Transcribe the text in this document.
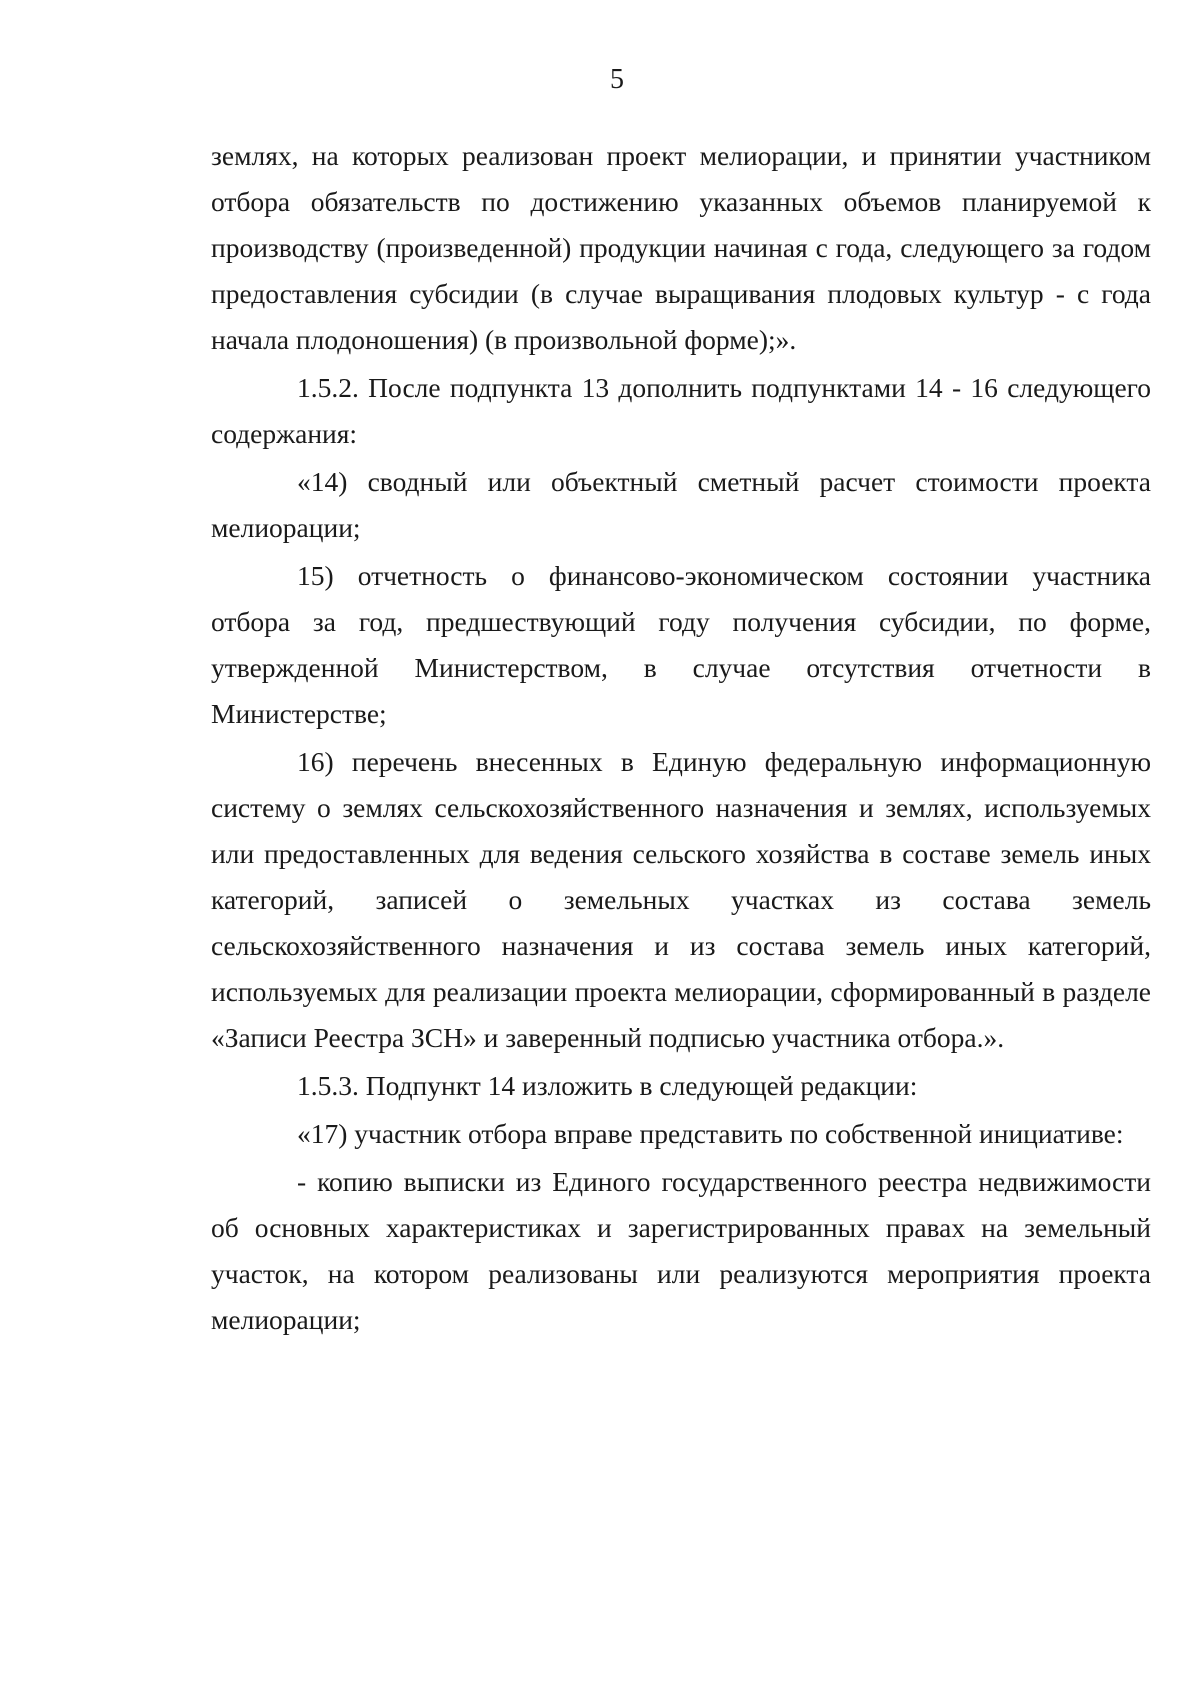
5

землях, на которых реализован проект мелиорации, и принятии участником отбора обязательств по достижению указанных объемов планируемой к производству (произведенной) продукции начиная с года, следующего за годом предоставления субсидии (в случае выращивания плодовых культур - с года начала плодоношения) (в произвольной форме);».

1.5.2. После подпункта 13 дополнить подпунктами 14 - 16 следующего содержания:

«14) сводный или объектный сметный расчет стоимости проекта мелиорации;

15) отчетность о финансово-экономическом состоянии участника отбора за год, предшествующий году получения субсидии, по форме, утвержденной Министерством, в случае отсутствия отчетности в Министерстве;

16) перечень внесенных в Единую федеральную информационную систему о землях сельскохозяйственного назначения и землях, используемых или предоставленных для ведения сельского хозяйства в составе земель иных категорий, записей о земельных участках из состава земель сельскохозяйственного назначения и из состава земель иных категорий, используемых для реализации проекта мелиорации, сформированный в разделе «Записи Реестра ЗСН» и заверенный подписью участника отбора.».

1.5.3. Подпункт 14 изложить в следующей редакции:

«17) участник отбора вправе представить по собственной инициативе:

- копию выписки из Единого государственного реестра недвижимости об основных характеристиках и зарегистрированных правах на земельный участок, на котором реализованы или реализуются мероприятия проекта мелиорации;
